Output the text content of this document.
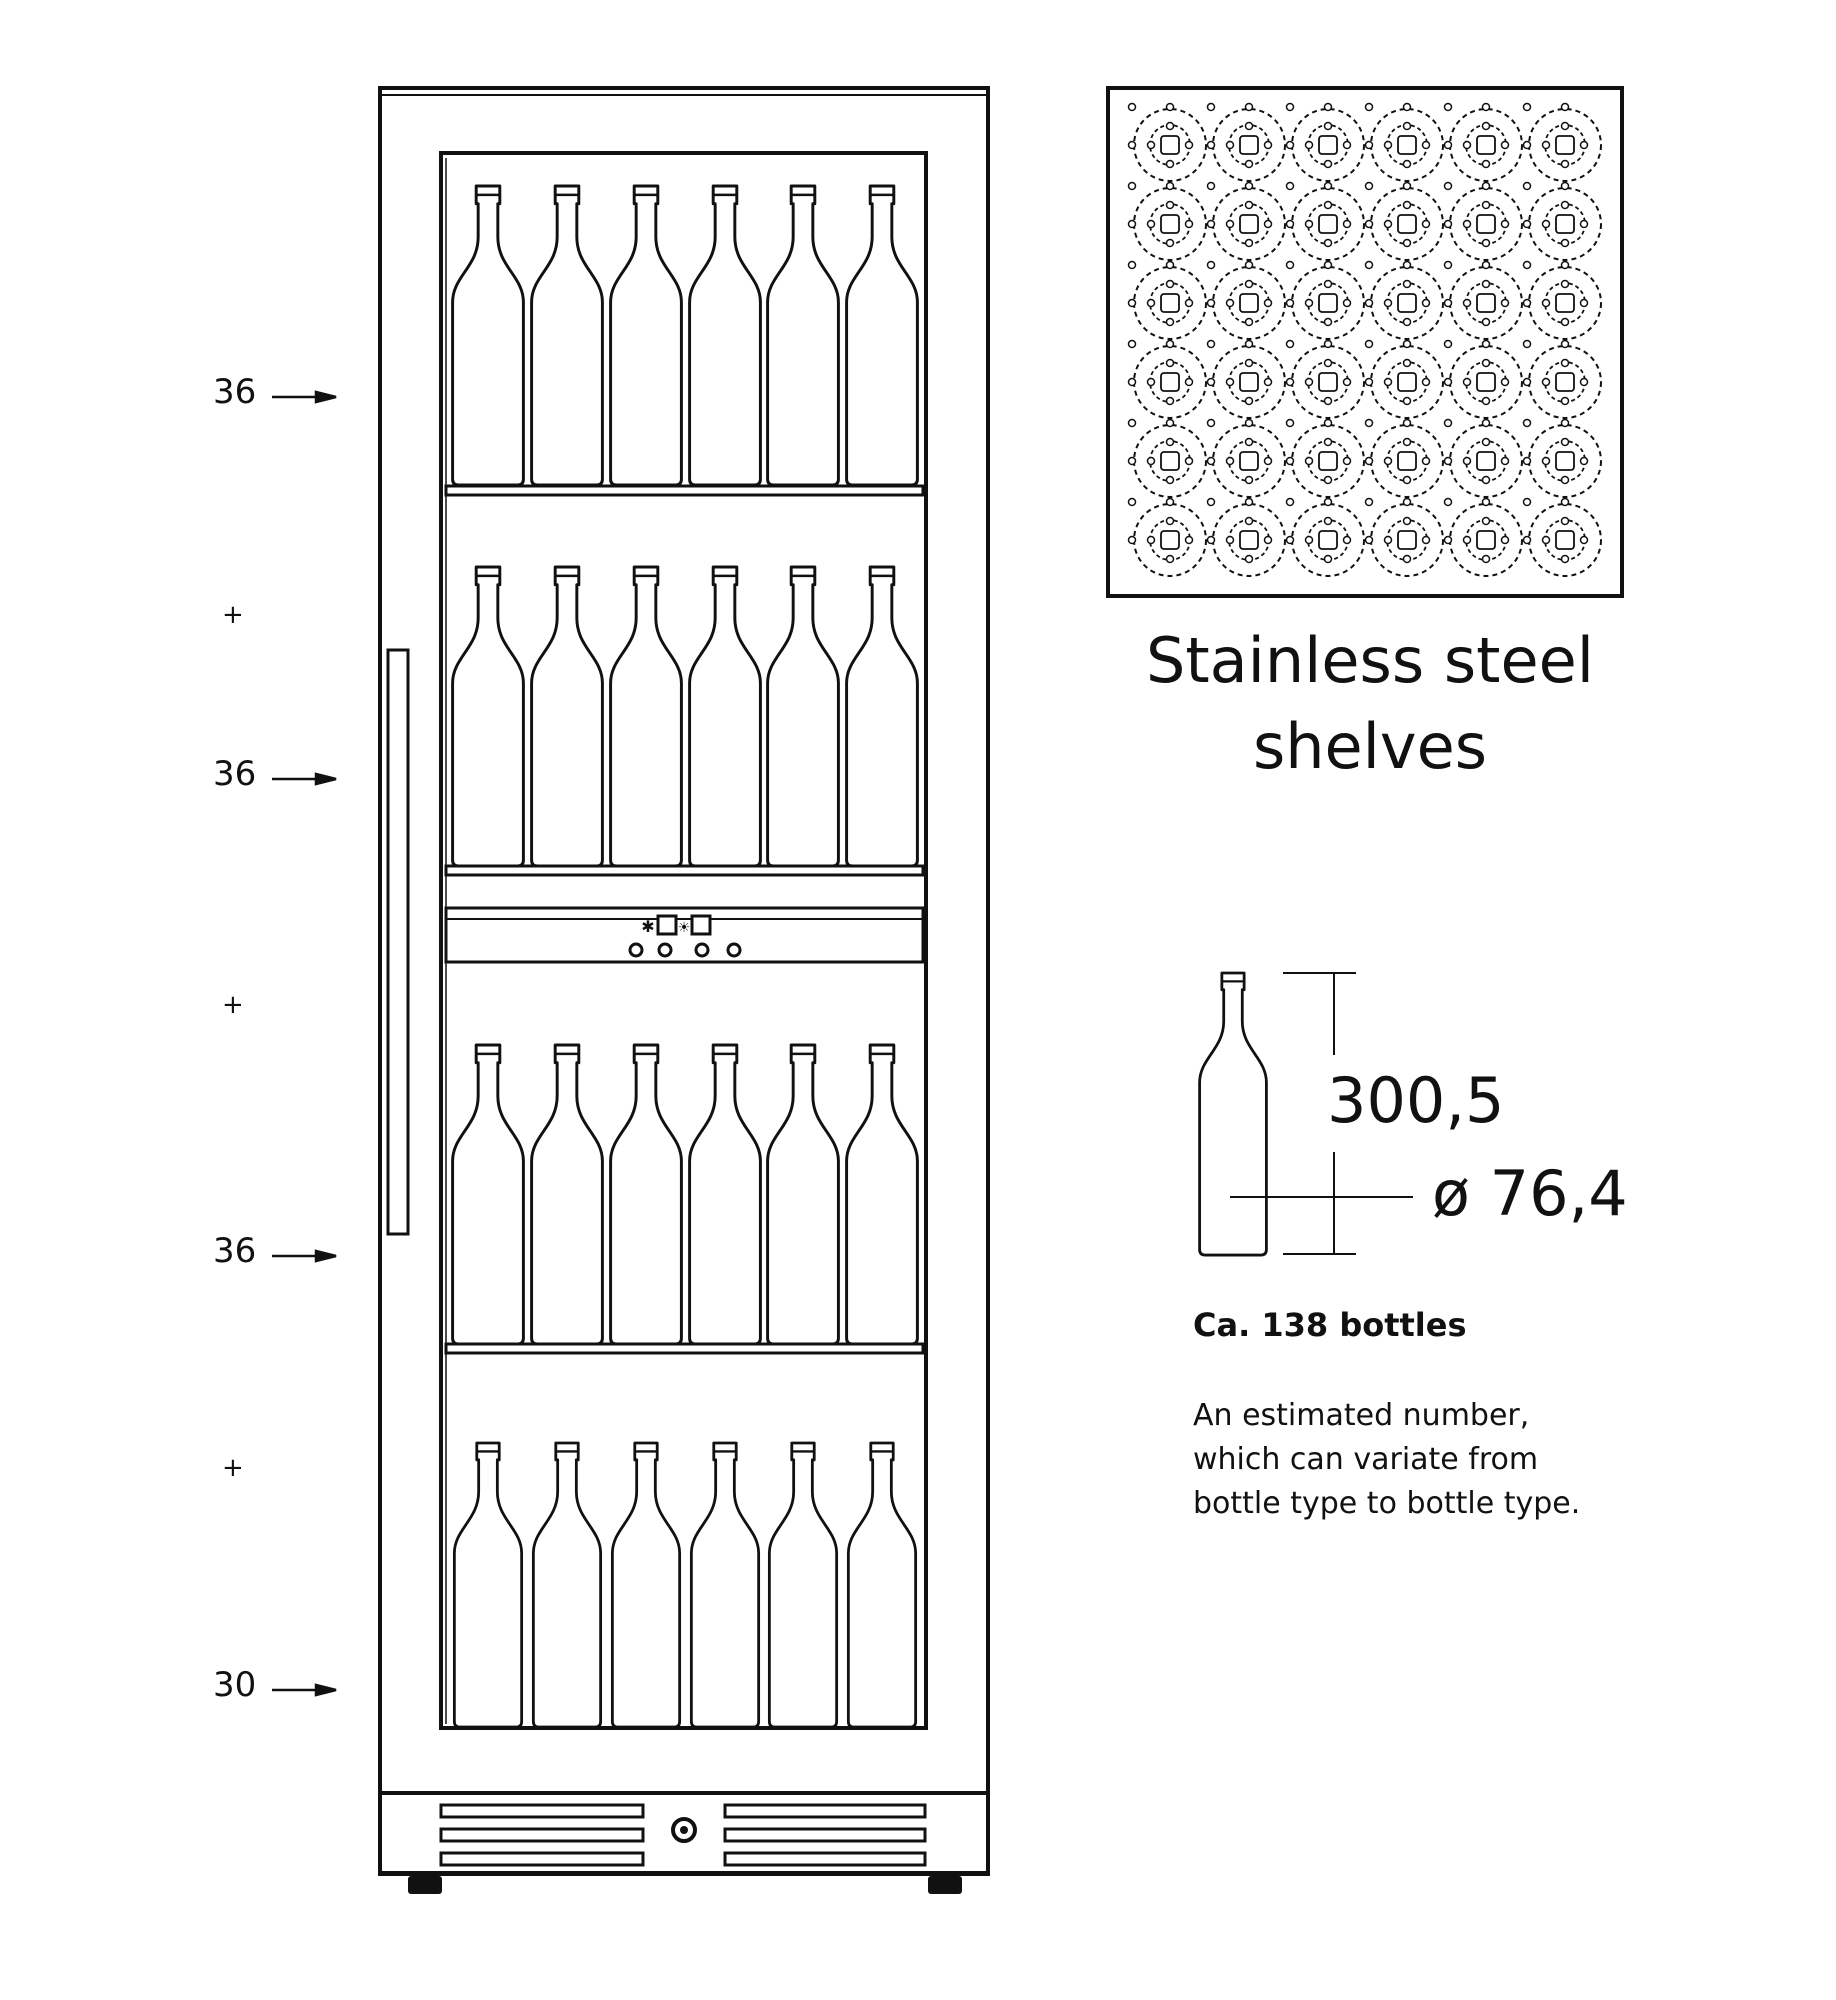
✱ ☀
36
+
36
+
36
+
30
Stainless steel
shelves
300,5
ø 76,4
Ca. 138 bottles
An estimated number,
which can variate from
bottle type to bottle type.
